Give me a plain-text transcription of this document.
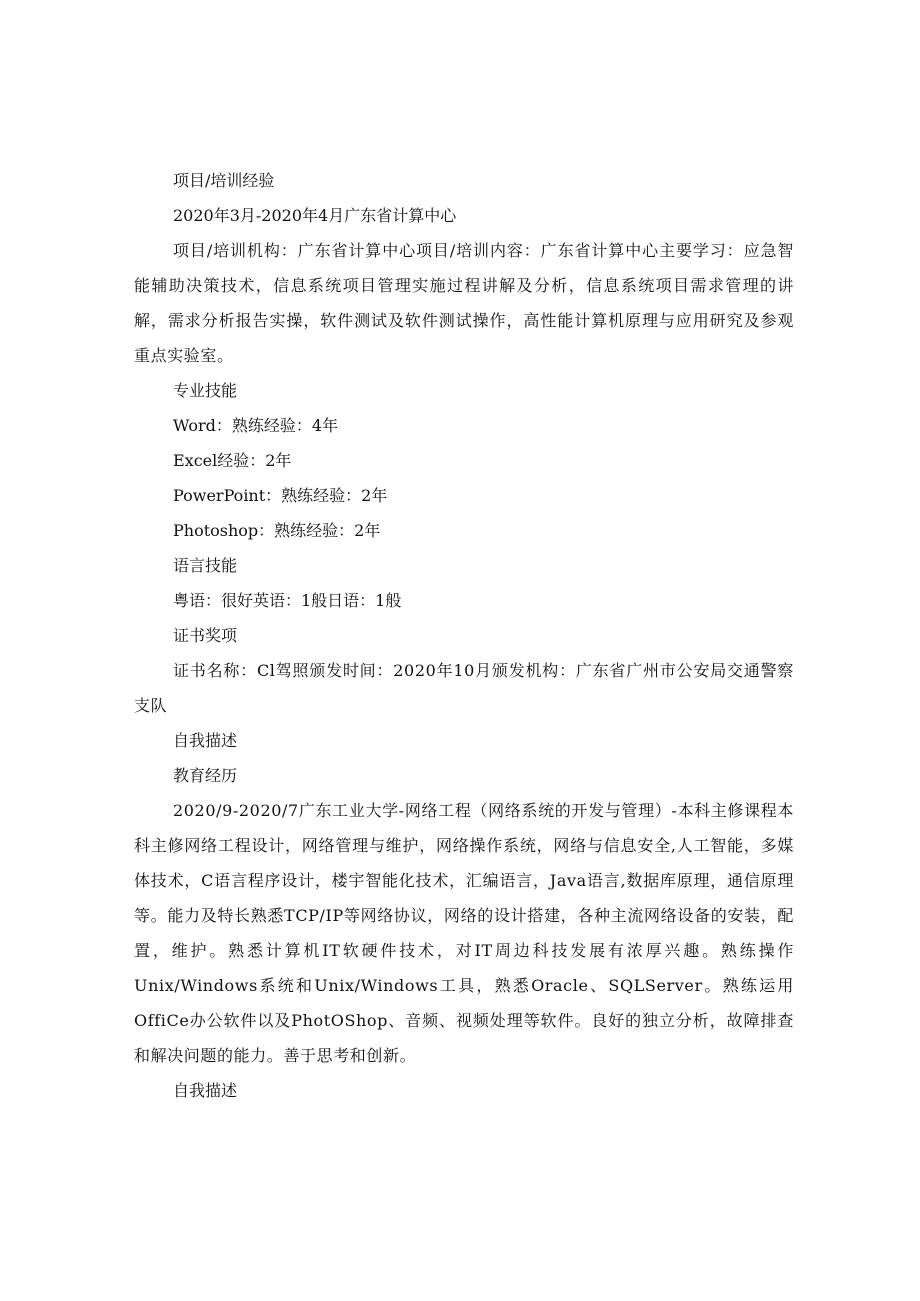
项目/培训经验

2020年3月-2020年4月广东省计算中心

项目/培训机构：广东省计算中心项目/培训内容：广东省计算中心主要学习：应急智能辅助决策技术，信息系统项目管理实施过程讲解及分析，信息系统项目需求管理的讲解，需求分析报告实操，软件测试及软件测试操作，高性能计算机原理与应用研究及参观重点实验室。

专业技能

Word：熟练经验：4年

Excel经验：2年

PowerPoint：熟练经验：2年

Photoshop：熟练经验：2年

语言技能

粤语：很好英语：1般日语：1般

证书奖项

证书名称：Cl驾照颁发时间：2020年10月颁发机构：广东省广州市公安局交通警察支队

自我描述

教育经历

2020/9-2020/7广东工业大学-网络工程（网络系统的开发与管理）-本科主修课程本科主修网络工程设计，网络管理与维护，网络操作系统，网络与信息安全,人工智能，多媒体技术，C语言程序设计，楼宇智能化技术，汇编语言，Java语言,数据库原理，通信原理等。能力及特长熟悉TCP/IP等网络协议，网络的设计搭建，各种主流网络设备的安装，配置，维护。熟悉计算机IT软硬件技术，对IT周边科技发展有浓厚兴趣。熟练操作Unix/Windows系统和Unix/Windows工具，熟悉Oracle、SQLServer。熟练运用OffiCe办公软件以及PhotOShop、音频、视频处理等软件。良好的独立分析，故障排查和解决问题的能力。善于思考和创新。

自我描述
